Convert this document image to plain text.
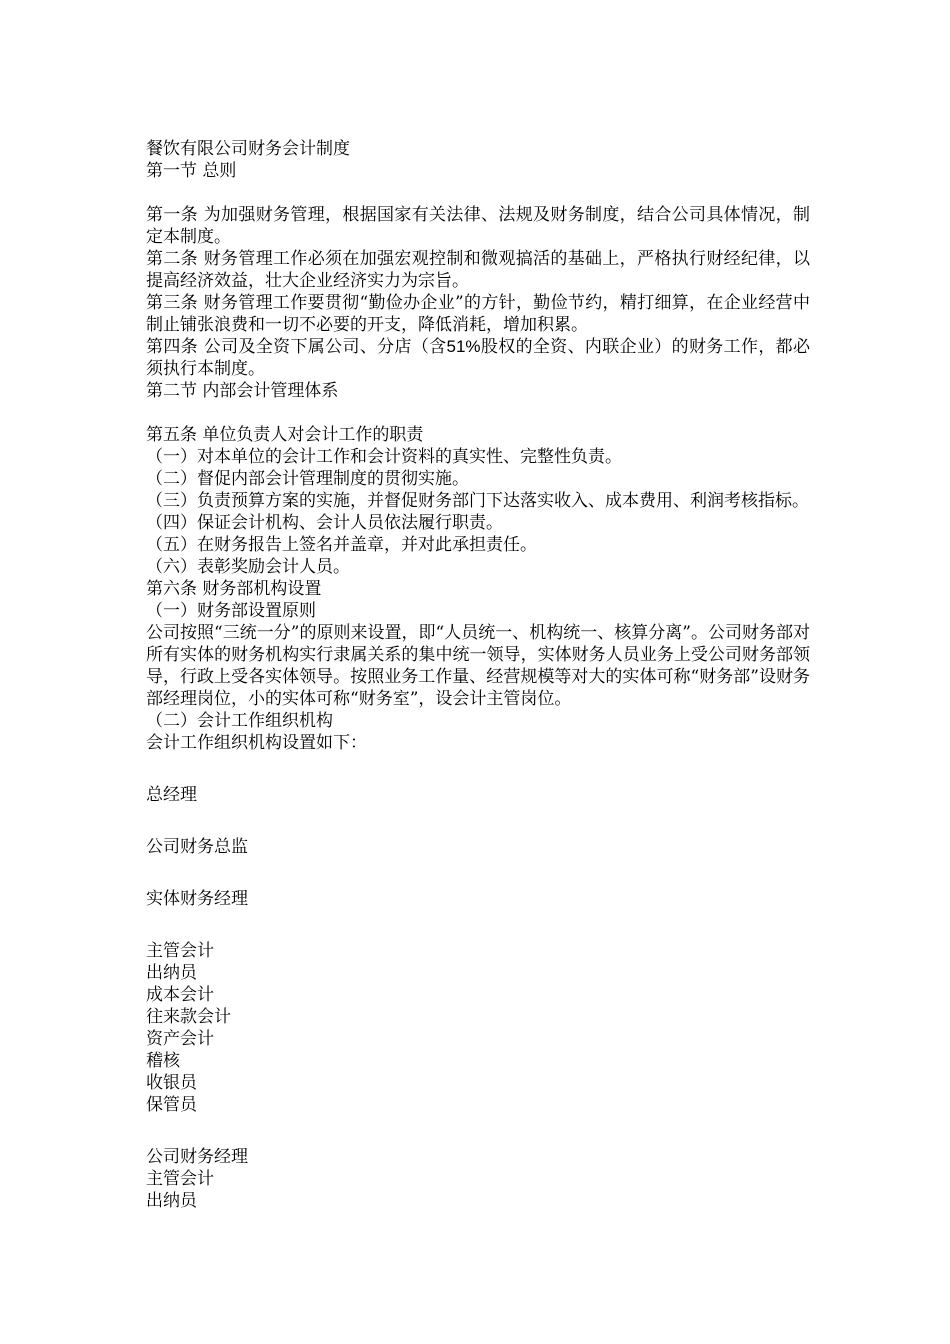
餐饮有限公司财务会计制度
第一节 总则
第一条 为加强财务管理，根据国家有关法律、法规及财务制度，结合公司具体情况，制定本制度。
第二条 财务管理工作必须在加强宏观控制和微观搞活的基础上，严格执行财经纪律，以提高经济效益，壮大企业经济实力为宗旨。
第三条 财务管理工作要贯彻“勤俭办企业”的方针，勤俭节约，精打细算，在企业经营中制止铺张浪费和一切不必要的开支，降低消耗，增加积累。
第四条 公司及全资下属公司、分店（含51%股权的全资、内联企业）的财务工作，都必须执行本制度。
第二节 内部会计管理体系
第五条 单位负责人对会计工作的职责
（一）对本单位的会计工作和会计资料的真实性、完整性负责。
（二）督促内部会计管理制度的贯彻实施。
（三）负责预算方案的实施，并督促财务部门下达落实收入、成本费用、利润考核指标。
（四）保证会计机构、会计人员依法履行职责。
（五）在财务报告上签名并盖章，并对此承担责任。
（六）表彰奖励会计人员。
第六条 财务部机构设置
（一）财务部设置原则
公司按照“三统一分”的原则来设置，即“人员统一、机构统一、核算分离”。公司财务部对所有实体的财务机构实行隶属关系的集中统一领导，实体财务人员业务上受公司财务部领导，行政上受各实体领导。按照业务工作量、经营规模等对大的实体可称“财务部”设财务部经理岗位，小的实体可称“财务室”，设会计主管岗位。
（二）会计工作组织机构
会计工作组织机构设置如下：
总经理
公司财务总监
实体财务经理
主管会计
出纳员
成本会计
往来款会计
资产会计
稽核
收银员
保管员
公司财务经理
主管会计
出纳员
